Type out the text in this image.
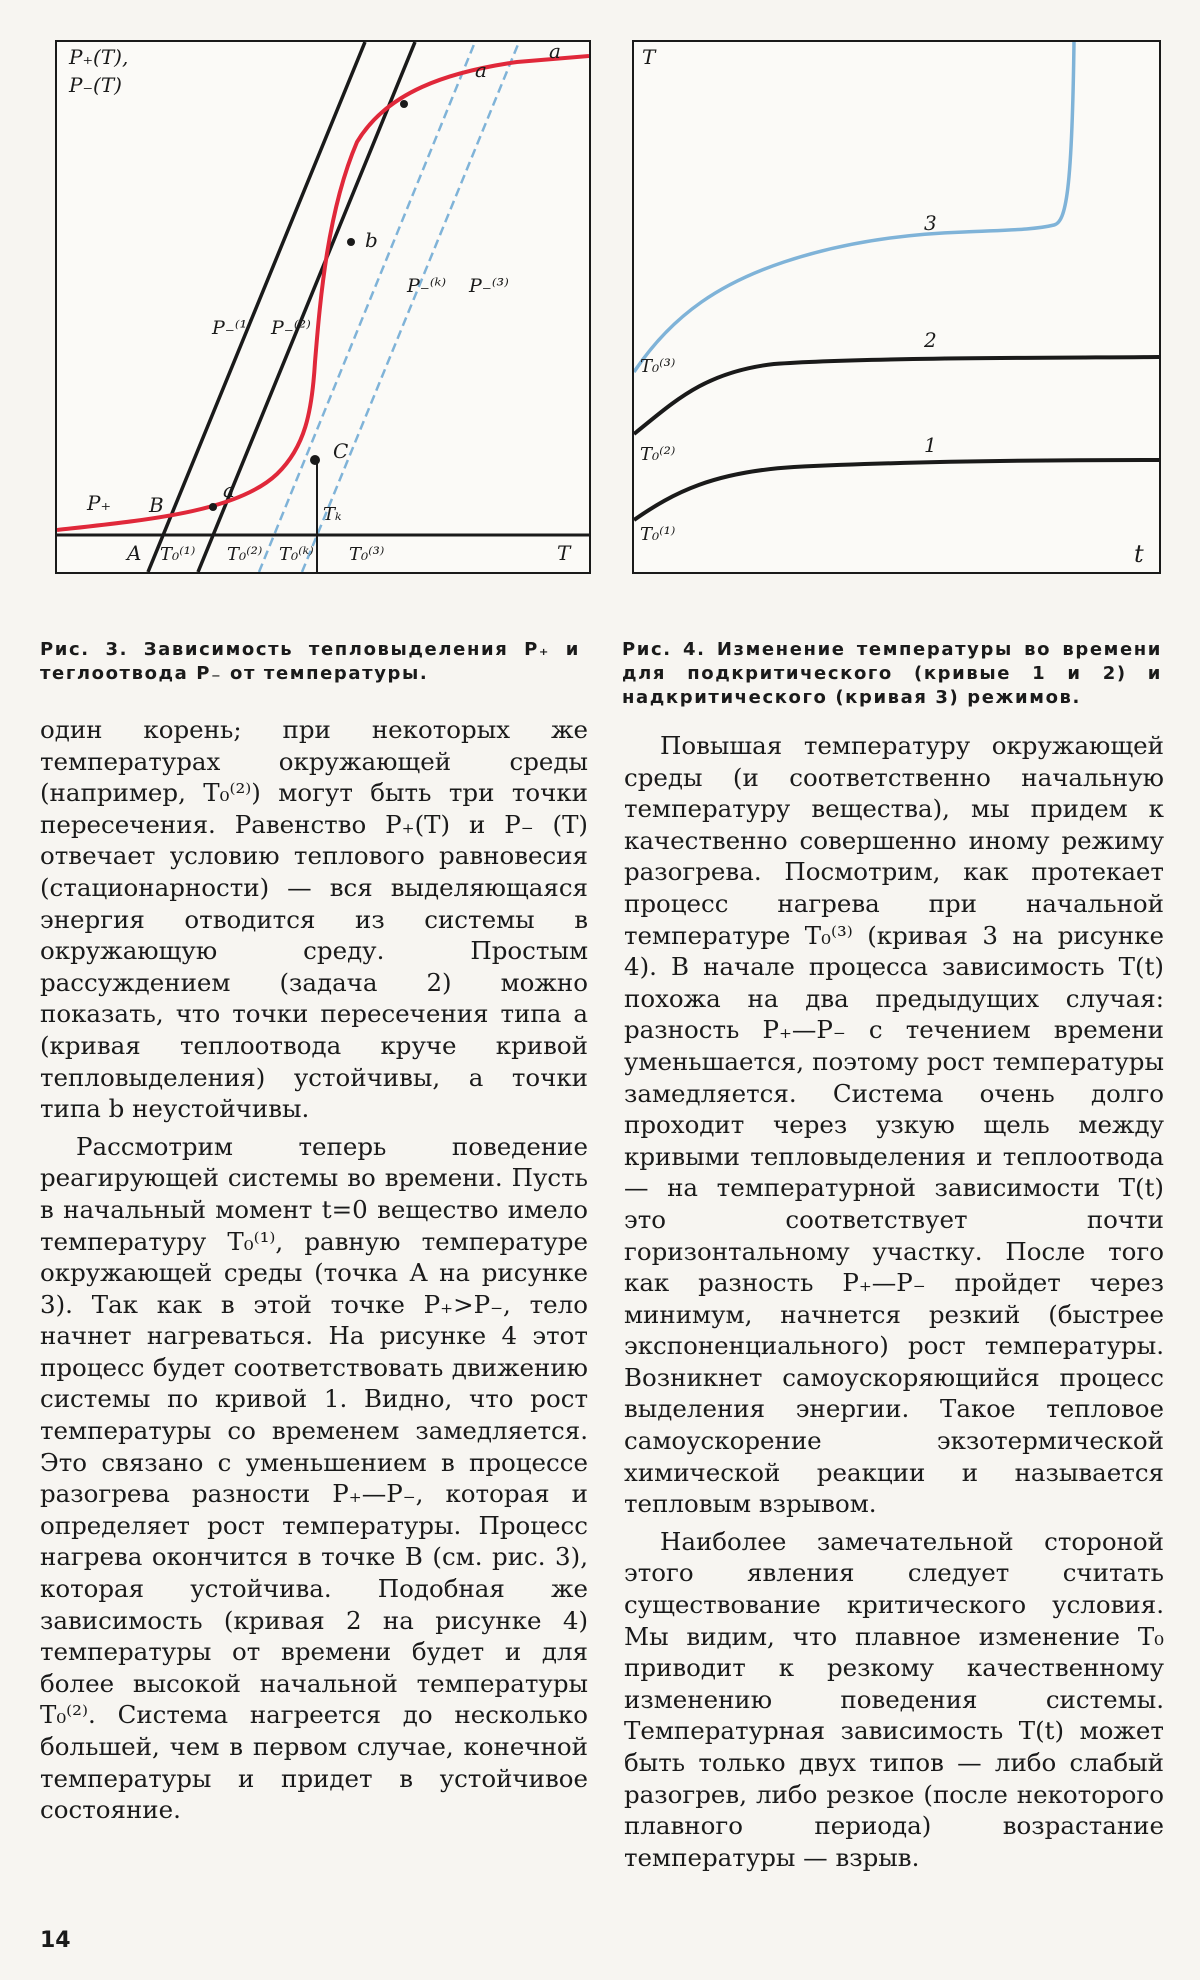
P₊(T),
P₋(T)
T
a
a
b
C
a
B
A
P₊
P₋⁽¹⁾ P₋⁽²⁾
P₋⁽ᵏ⁾ P₋⁽³⁾
T₀⁽¹⁾ T₀⁽²⁾ T₀⁽ᵏ⁾ T₀⁽³⁾
Tₖ
T
t
3
2
1
T₀⁽³⁾
T₀⁽²⁾
T₀⁽¹⁾
Рис. 3. Зависимость тепловыделения P₊ и теглоотвода P₋ от температуры.
Рис. 4. Изменение температуры во времени для подкритического (кривые 1 и 2) и надкритического (кривая 3) режимов.

один корень; при некоторых же температурах окружающей среды (например, T₀⁽²⁾) могут быть три точки пересечения. Равенство P₊(T) и P₋ (T) отвечает условию теплового равновесия (стационарности) — вся выделяющаяся энергия отводится из системы в окружающую среду. Простым рассуждением (задача 2) можно показать, что точки пересечения типа a (кривая теплоотвода круче кривой тепловыделения) устойчивы, а точки типа b неустойчивы.

Рассмотрим теперь поведение реагирующей системы во времени. Пусть в начальный момент t=0 вещество имело температуру T₀⁽¹⁾, равную температуре окружающей среды (точка A на рисунке 3). Так как в этой точке P₊>P₋, тело начнет нагреваться. На рисунке 4 этот процесс будет соответствовать движению системы по кривой 1. Видно, что рост температуры со временем замедляется. Это связано с уменьшением в процессе разогрева разности P₊—P₋, которая и определяет рост температуры. Процесс нагрева окончится в точке B (см. рис. 3), которая устойчива. Подобная же зависимость (кривая 2 на рисунке 4) температуры от времени будет и для более высокой начальной температуры T₀⁽²⁾. Система нагреется до несколько большей, чем в первом случае, конечной температуры и придет в устойчивое состояние.

Повышая температуру окружающей среды (и соответственно начальную температуру вещества), мы придем к качественно совершенно иному режиму разогрева. Посмотрим, как протекает процесс нагрева при начальной температуре T₀⁽³⁾ (кривая 3 на рисунке 4). В начале процесса зависимость T(t) похожа на два предыдущих случая: разность P₊—P₋ с течением времени уменьшается, поэтому рост температуры замедляется. Система очень долго проходит через узкую щель между кривыми тепловыделения и теплоотвода — на температурной зависимости T(t) это соответствует почти горизонтальному участку. После того как разность P₊—P₋ пройдет через минимум, начнется резкий (быстрее экспоненциального) рост температуры. Возникнет самоускоряющийся процесс выделения энергии. Такое тепловое самоускорение экзотермической химической реакции и называется тепловым взрывом.

Наиболее замечательной стороной этого явления следует считать существование критического условия. Мы видим, что плавное изменение T₀ приводит к резкому качественному изменению поведения системы. Температурная зависимость T(t) может быть только двух типов — либо слабый разогрев, либо резкое (после некоторого плавного периода) возрастание температуры — взрыв.

14
